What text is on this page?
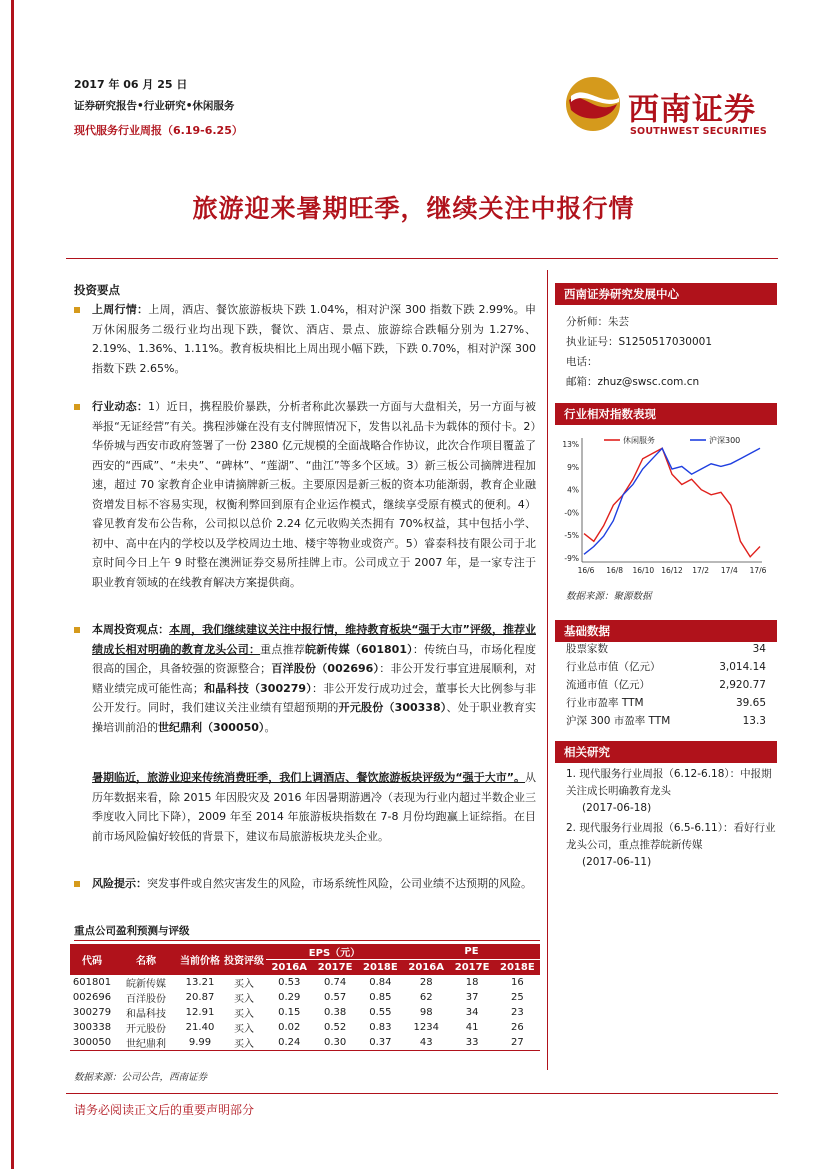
2017 年 06 月 25 日
证券研究报告•行业研究•休闲服务
现代服务行业周报（6.19-6.25）
西南证券
SOUTHWEST SECURITIES
旅游迎来暑期旺季，继续关注中报行情
投资要点
上周行情：上周，酒店、餐饮旅游板块下跌 1.04%，相对沪深 300 指数下跌 2.99%。申万休闲服务二级行业均出现下跌，餐饮、酒店、景点、旅游综合跌幅分别为 1.27%、2.19%、1.36%、1.11%。教育板块相比上周出现小幅下跌，下跌 0.70%，相对沪深 300 指数下跌 2.65%。
行业动态：1）近日，携程股价暴跌，分析者称此次暴跌一方面与大盘相关，另一方面与被举报“无证经营”有关。携程涉嫌在没有支付牌照情况下，发售以礼品卡为载体的预付卡。2）华侨城与西安市政府签署了一份 2380 亿元规模的全面战略合作协议，此次合作项目覆盖了西安的“西咸”、“未央”、“碑林”、“莲湖”、“曲江”等多个区域。3）新三板公司摘牌进程加速，超过 70 家教育企业申请摘牌新三板。主要原因是新三板的资本功能渐弱，教育企业融资增发目标不容易实现，权衡利弊回到原有企业运作模式，继续享受原有模式的便利。4）睿见教育发布公告称，公司拟以总价 2.24 亿元收购关杰拥有 70%权益，其中包括小学、初中、高中在内的学校以及学校周边土地、楼宇等物业或资产。5）睿泰科技有限公司于北京时间今日上午 9 时整在澳洲证券交易所挂牌上市。公司成立于 2007 年，是一家专注于职业教育领域的在线教育解决方案提供商。
本周投资观点：本周，我们继续建议关注中报行情，维持教育板块“强于大市”评级，推荐业绩成长相对明确的教育龙头公司：重点推荐皖新传媒（601801）：传统白马，市场化程度很高的国企，具备较强的资源整合；百洋股份（002696）：非公开发行事宜进展顺利，对赌业绩完成可能性高；和晶科技（300279）：非公开发行成功过会，董事长大比例参与非公开发行。同时，我们建议关注业绩有望超预期的开元股份（300338）、处于职业教育实操培训前沿的世纪鼎利（300050）。
暑期临近，旅游业迎来传统消费旺季，我们上调酒店、餐饮旅游板块评级为“强于大市”。从历年数据来看，除 2015 年因股灾及 2016 年因暑期游遇冷（表现为行业内超过半数企业三季度收入同比下降），2009 年至 2014 年旅游板块指数在 7-8 月份均跑赢上证综指。在目前市场风险偏好较低的背景下，建议布局旅游板块龙头企业。
风险提示：突发事件或自然灾害发生的风险，市场系统性风险，公司业绩不达预期的风险。
重点公司盈利预测与评级
代码	名称	当前价格	投资评级	EPS（元）			PE		
				2016A	2017E	2018E	2016A	2017E	2018E
601801	皖新传媒	13.21	买入	0.53	0.74	0.84	28	18	16
002696	百洋股份	20.87	买入	0.29	0.57	0.85	62	37	25
300279	和晶科技	12.91	买入	0.15	0.38	0.55	98	34	23
300338	开元股份	21.40	买入	0.02	0.52	0.83	1234	41	26
300050	世纪鼎利	9.99	买入	0.24	0.30	0.37	43	33	27
数据来源：公司公告，西南证券
西南证券研究发展中心
分析师：朱芸
执业证号：S1250517030001
电话：
邮箱：zhuz@swsc.com.cn
行业相对指数表现
13%
9%
4%
-0%
-5%
-9%
16/6 16/8 16/10 16/12 17/2 17/4 17/6
休闲服务	沪深300
数据来源：聚源数据
基础数据
股票家数	34
行业总市值（亿元）	3,014.14
流通市值（亿元）	2,920.77
行业市盈率 TTM	39.65
沪深 300 市盈率 TTM	13.3
相关研究
1. 现代服务行业周报（6.12-6.18）：中报期关注成长明确教育龙头
(2017-06-18)
2. 现代服务行业周报（6.5-6.11）：看好行业龙头公司，重点推荐皖新传媒
(2017-06-11)
请务必阅读正文后的重要声明部分
